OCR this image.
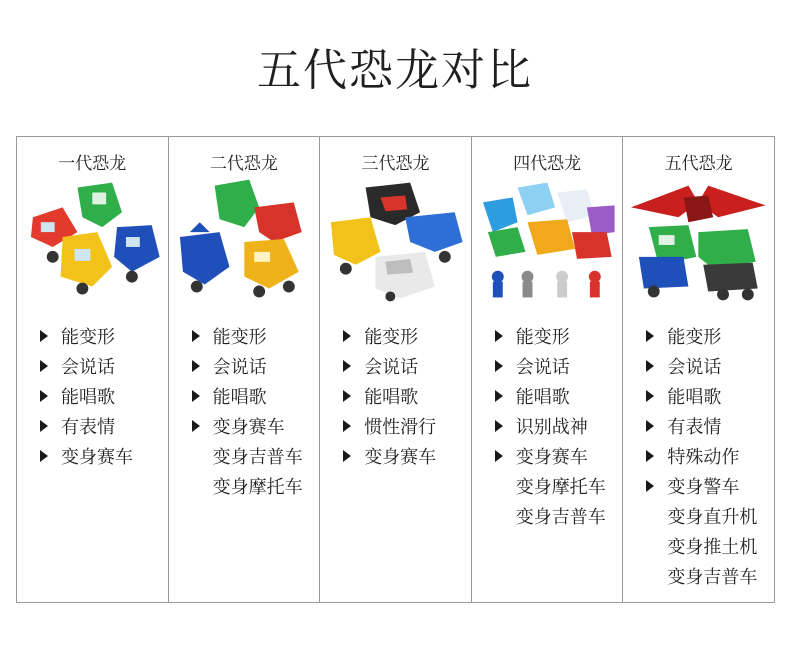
五代恐龙对比
一代恐龙
能变形
会说话
能唱歌
有表情
变身赛车
二代恐龙
能变形
会说话
能唱歌
变身赛车
变身吉普车
变身摩托车
三代恐龙
能变形
会说话
能唱歌
惯性滑行
变身赛车
四代恐龙
能变形
会说话
能唱歌
识别战神
变身赛车
变身摩托车
变身吉普车
五代恐龙
能变形
会说话
能唱歌
有表情
特殊动作
变身警车
变身直升机
变身推土机
变身吉普车
